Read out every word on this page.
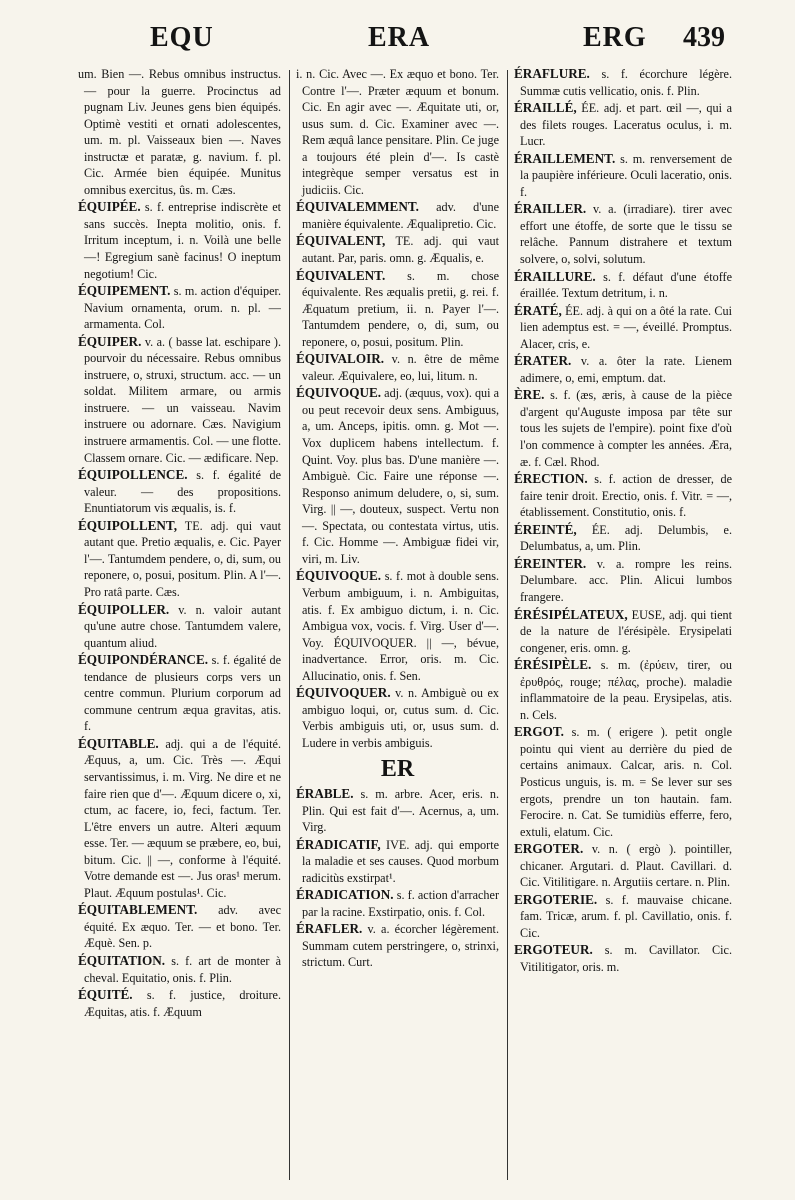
EQU	ERA	ERG 439

um. Bien —. Rebus omnibus instructus. — pour la guerre. Procinctus ad pugnam Liv. Jeunes gens bien équipés. Optimè vestiti et ornati adolescentes, um. m. pl. Vaisseaux bien —. Naves instructæ et paratæ, g. navium. f. pl. Cic. Armée bien équipée. Munitus omnibus exercitus, ûs. m. Cæs.

ÉQUIPÉE. s. f. entreprise indiscrète et sans succès. Inepta molitio, onis. f. Irritum inceptum, i. n. Voilà une belle—! Egregium sanè facinus! O ineptum negotium! Cic.

ÉQUIPEMENT. s. m. action d'équiper. Navium ornamenta, orum. n. pl. —armamenta. Col.

ÉQUIPER. v. a. ( basse lat. eschipare ). pourvoir du nécessaire. Rebus omnibus instruere, o, struxi, structum. acc. — un soldat. Militem armare, ou armis instruere. — un vaisseau. Navim instruere ou adornare. Cæs. Navigium instruere armamentis. Col. — une flotte. Classem ornare. Cic. — ædificare. Nep.

ÉQUIPOLLENCE. s. f. égalité de valeur. — des propositions. Enuntiatorum vis æqualis, is. f.

ÉQUIPOLLENT, TE. adj. qui vaut autant que. Pretio æqualis, e. Cic. Payer l'—. Tantumdem pendere, o, di, sum, ou reponere, o, posui, positum. Plin. A l'—. Pro ratâ parte. Cæs.

ÉQUIPOLLER. v. n. valoir autant qu'une autre chose. Tantumdem valere, quantum aliud.

ÉQUIPONDÉRANCE. s. f. égalité de tendance de plusieurs corps vers un centre commun. Plurium corporum ad commune centrum æqua gravitas, atis. f.

ÉQUITABLE. adj. qui a de l'équité. Æquus, a, um. Cic. Très —. Æqui servantissimus, i. m. Virg. Ne dire et ne faire rien que d'—. Æquum dicere o, xi, ctum, ac facere, io, feci, factum. Ter. L'être envers un autre. Alteri æquum esse. Ter. — æquum se præbere, eo, bui, bitum. Cic. || —, conforme à l'équité. Votre demande est —. Jus oras¹ merum. Plaut. Æquum postulas¹. Cic.

ÉQUITABLEMENT. adv. avec équité. Ex æquo. Ter. — et bono. Ter. Æquè. Sen. p.

ÉQUITATION. s. f. art de monter à cheval. Equitatio, onis. f. Plin.

ÉQUITÉ. s. f. justice, droiture. Æquitas, atis. f. Æquum

i. n. Cic. Avec —. Ex æquo et bono. Ter. Contre l'—. Præter æquum et bonum. Cic. En agir avec —. Æquitate uti, or, usus sum. d. Cic. Examiner avec —. Rem æquâ lance pensitare. Plin. Ce juge a toujours été plein d'—. Is castè integrèque semper versatus est in judiciis. Cic.

ÉQUIVALEMMENT. adv. d'une manière équivalente. Æqualipretio. Cic.

ÉQUIVALENT, TE. adj. qui vaut autant. Par, paris. omn. g. Æqualis, e.

ÉQUIVALENT. s. m. chose équivalente. Res æqualis pretii, g. rei. f. Æquatum pretium, ii. n. Payer l'—. Tantumdem pendere, o, di, sum, ou reponere, o, posui, positum. Plin.

ÉQUIVALOIR. v. n. être de même valeur. Æquivalere, eo, lui, litum. n.

ÉQUIVOQUE. adj. (æquus, vox). qui a ou peut recevoir deux sens. Ambiguus, a, um. Anceps, ipitis. omn. g. Mot —. Vox duplicem habens intellectum. f. Quint. Voy. plus bas. D'une manière —. Ambiguè. Cic. Faire une réponse —. Responso animum deludere, o, si, sum. Virg. || —, douteux, suspect. Vertu non —. Spectata, ou contestata virtus, utis. f. Cic. Homme —. Ambiguæ fidei vir, viri, m. Liv.

ÉQUIVOQUE. s. f. mot à double sens. Verbum ambiguum, i. n. Ambiguitas, atis. f. Ex ambiguo dictum, i. n. Cic. Ambigua vox, vocis. f. Virg. User d'—. Voy. ÉQUIVOQUER. || —, bévue, inadvertance. Error, oris. m. Cic. Allucinatio, onis. f. Sen.

ÉQUIVOQUER. v. n. Ambiguè ou ex ambiguo loqui, or, cutus sum. d. Cic. Verbis ambiguis uti, or, usus sum. d. Ludere in verbis ambiguis.

ER

ÉRABLE. s. m. arbre. Acer, eris. n. Plin. Qui est fait d'—. Acernus, a, um. Virg.

ÉRADICATIF, IVE. adj. qui emporte la maladie et ses causes. Quod morbum radicitùs exstirpat¹.

ÉRADICATION. s. f. action d'arracher par la racine. Exstirpatio, onis. f. Col.

ÉRAFLER. v. a. écorcher légèrement. Summam cutem perstringere, o, strinxi, strictum. Curt.

ÉRAFLURE. s. f. écorchure légère. Summæ cutis vellicatio, onis. f. Plin.

ÉRAILLÉ, ÉE. adj. et part. œil —, qui a des filets rouges. Laceratus oculus, i. m. Lucr.

ÉRAILLEMENT. s. m. renversement de la paupière inférieure. Oculi laceratio, onis. f.

ÉRAILLER. v. a. (irradiare). tirer avec effort une étoffe, de sorte que le tissu se relâche. Pannum distrahere et textum solvere, o, solvi, solutum.

ÉRAILLURE. s. f. défaut d'une étoffe éraillée. Textum detritum, i. n.

ÉRATÉ, ÉE. adj. à qui on a ôté la rate. Cui lien ademptus est. = —, éveillé. Promptus. Alacer, cris, e.

ÉRATER. v. a. ôter la rate. Lienem adimere, o, emi, emptum. dat.

ÈRE. s. f. (æs, æris, à cause de la pièce d'argent qu'Auguste imposa par tête sur tous les sujets de l'empire). point fixe d'où l'on commence à compter les années. Æra, æ. f. Cæl. Rhod.

ÉRECTION. s. f. action de dresser, de faire tenir droit. Erectio, onis. f. Vitr. = —, établissement. Constitutio, onis. f.

ÉREINTÉ, ÉE. adj. Delumbis, e. Delumbatus, a, um. Plin.

ÉREINTER. v. a. rompre les reins. Delumbare. acc. Plin. Alicui lumbos frangere.

ÉRÉSIPÉLATEUX, EUSE, adj. qui tient de la nature de l'érésipèle. Erysipelati congener, eris. omn. g.

ÉRÉSIPÈLE. s. m. (ἐρύειν, tirer, ou ἐρυθρός, rouge; πέλας, proche). maladie inflammatoire de la peau. Erysipelas, atis. n. Cels.

ERGOT. s. m. ( erigere ). petit ongle pointu qui vient au derrière du pied de certains animaux. Calcar, aris. n. Col. Posticus unguis, is. m. = Se lever sur ses ergots, prendre un ton hautain. fam. Ferocire. n. Cat. Se tumidiùs efferre, fero, extuli, elatum. Cic.

ERGOTER. v. n. ( ergò ). pointiller, chicaner. Argutari. d. Plaut. Cavillari. d. Cic. Vitilitigare. n. Argutiis certare. n. Plin.

ERGOTERIE. s. f. mauvaise chicane. fam. Tricæ, arum. f. pl. Cavillatio, onis. f. Cic.

ERGOTEUR. s. m. Cavillator. Cic. Vitilitigator, oris. m.
